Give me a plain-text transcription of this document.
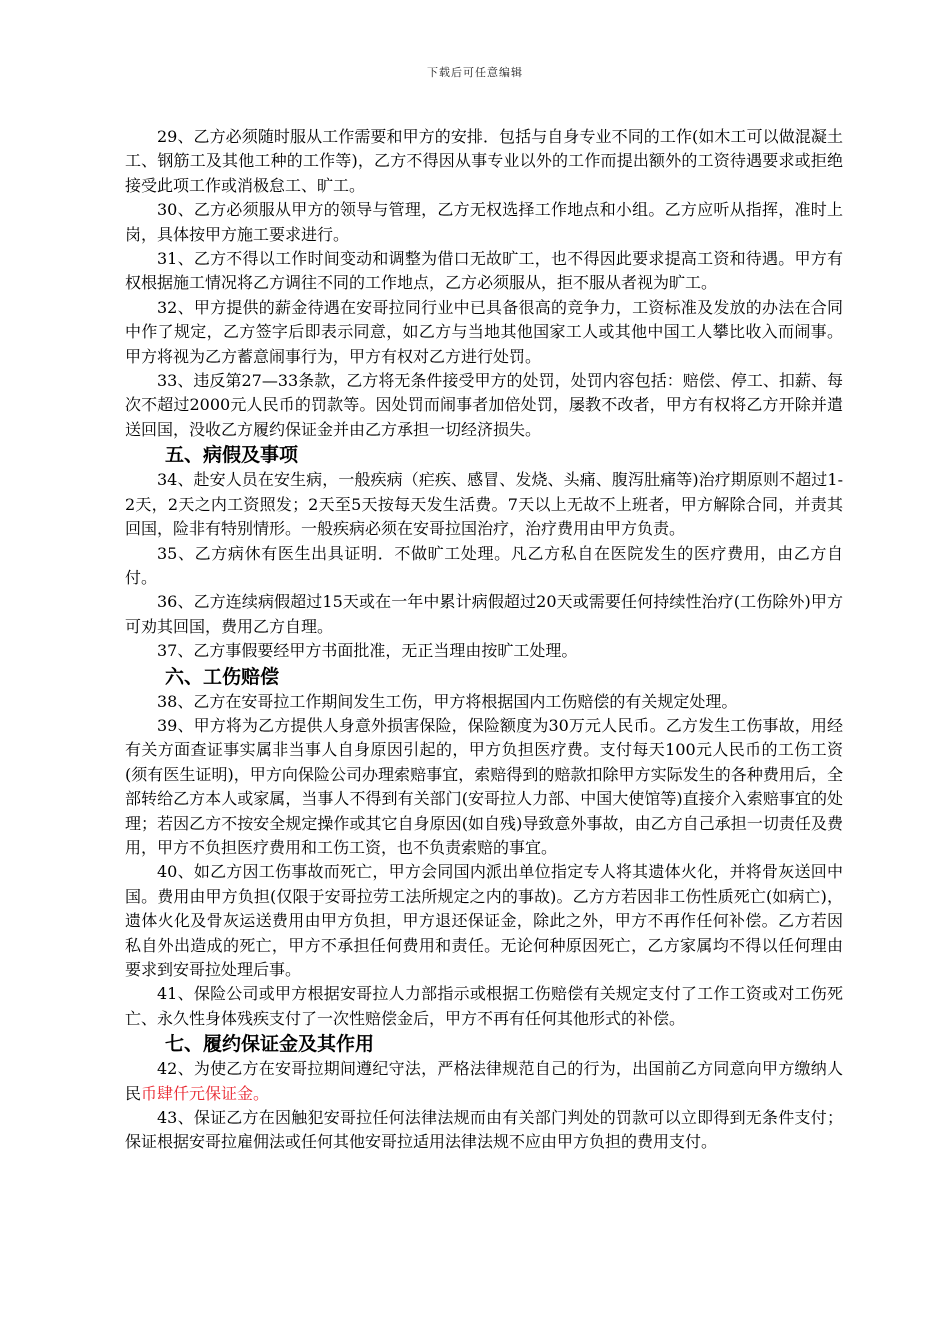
下载后可任意编辑

29、乙方必须随时服从工作需要和甲方的安排．包括与自身专业不同的工作(如木工可以做混凝土工、钢筋工及其他工种的工作等)，乙方不得因从事专业以外的工作而提出额外的工资待遇要求或拒绝接受此项工作或消极怠工、旷工。

30、乙方必须服从甲方的领导与管理，乙方无权选择工作地点和小组。乙方应听从指挥，准时上岗，具体按甲方施工要求进行。

31、乙方不得以工作时间变动和调整为借口无故旷工，也不得因此要求提高工资和待遇。甲方有权根据施工情况将乙方调往不同的工作地点，乙方必须服从，拒不服从者视为旷工。

32、甲方提供的薪金待遇在安哥拉同行业中已具备很高的竞争力，工资标准及发放的办法在合同中作了规定，乙方签字后即表示同意，如乙方与当地其他国家工人或其他中国工人攀比收入而闹事。甲方将视为乙方蓄意闹事行为，甲方有权对乙方进行处罚。

33、违反第27—33条款，乙方将无条件接受甲方的处罚，处罚内容包括：赔偿、停工、扣薪、每次不超过2000元人民币的罚款等。因处罚而闹事者加倍处罚，屡教不改者，甲方有权将乙方开除并遣送回国，没收乙方履约保证金并由乙方承担一切经济损失。

五、病假及事项

34、赴安人员在安生病，一般疾病（疟疾、感冒、发烧、头痛、腹泻肚痛等)治疗期原则不超过1-2天，2天之内工资照发；2天至5天按每天发生活费。7天以上无故不上班者，甲方解除合同，并责其回国，险非有特别情形。一般疾病必须在安哥拉国治疗，治疗费用由甲方负责。

35、乙方病休有医生出具证明．不做旷工处理。凡乙方私自在医院发生的医疗费用，由乙方自付。

36、乙方连续病假超过15天或在一年中累计病假超过20天或需要任何持续性治疗(工伤除外)甲方可劝其回国，费用乙方自理。

37、乙方事假要经甲方书面批准，无正当理由按旷工处理。

六、工伤赔偿

38、乙方在安哥拉工作期间发生工伤，甲方将根据国内工伤赔偿的有关规定处理。

39、甲方将为乙方提供人身意外损害保险，保险额度为30万元人民币。乙方发生工伤事故，用经有关方面查证事实属非当事人自身原因引起的，甲方负担医疗费。支付每天100元人民币的工伤工资(须有医生证明)，甲方向保险公司办理索赔事宜，索赔得到的赔款扣除甲方实际发生的各种费用后，全部转给乙方本人或家属，当事人不得到有关部门(安哥拉人力部、中国大使馆等)直接介入索赔事宜的处理；若因乙方不按安全规定操作或其它自身原因(如自残)导致意外事故，由乙方自己承担一切责任及费用，甲方不负担医疗费用和工伤工资，也不负责索赔的事宜。

40、如乙方因工伤事故而死亡，甲方会同国内派出单位指定专人将其遗体火化，并将骨灰送回中国。费用由甲方负担(仅限于安哥拉劳工法所规定之内的事故)。乙方方若因非工伤性质死亡(如病亡)，遗体火化及骨灰运送费用由甲方负担，甲方退还保证金，除此之外，甲方不再作任何补偿。乙方若因私自外出造成的死亡，甲方不承担任何费用和责任。无论何种原因死亡，乙方家属均不得以任何理由要求到安哥拉处理后事。

41、保险公司或甲方根据安哥拉人力部指示或根据工伤赔偿有关规定支付了工作工资或对工伤死亡、永久性身体残疾支付了一次性赔偿金后，甲方不再有任何其他形式的补偿。

七、履约保证金及其作用

42、为使乙方在安哥拉期间遵纪守法，严格法律规范自己的行为，出国前乙方同意向甲方缴纳人民币肆仟元保证金。

43、保证乙方在因触犯安哥拉任何法律法规而由有关部门判处的罚款可以立即得到无条件支付；保证根据安哥拉雇佣法或任何其他安哥拉适用法律法规不应由甲方负担的费用支付。
